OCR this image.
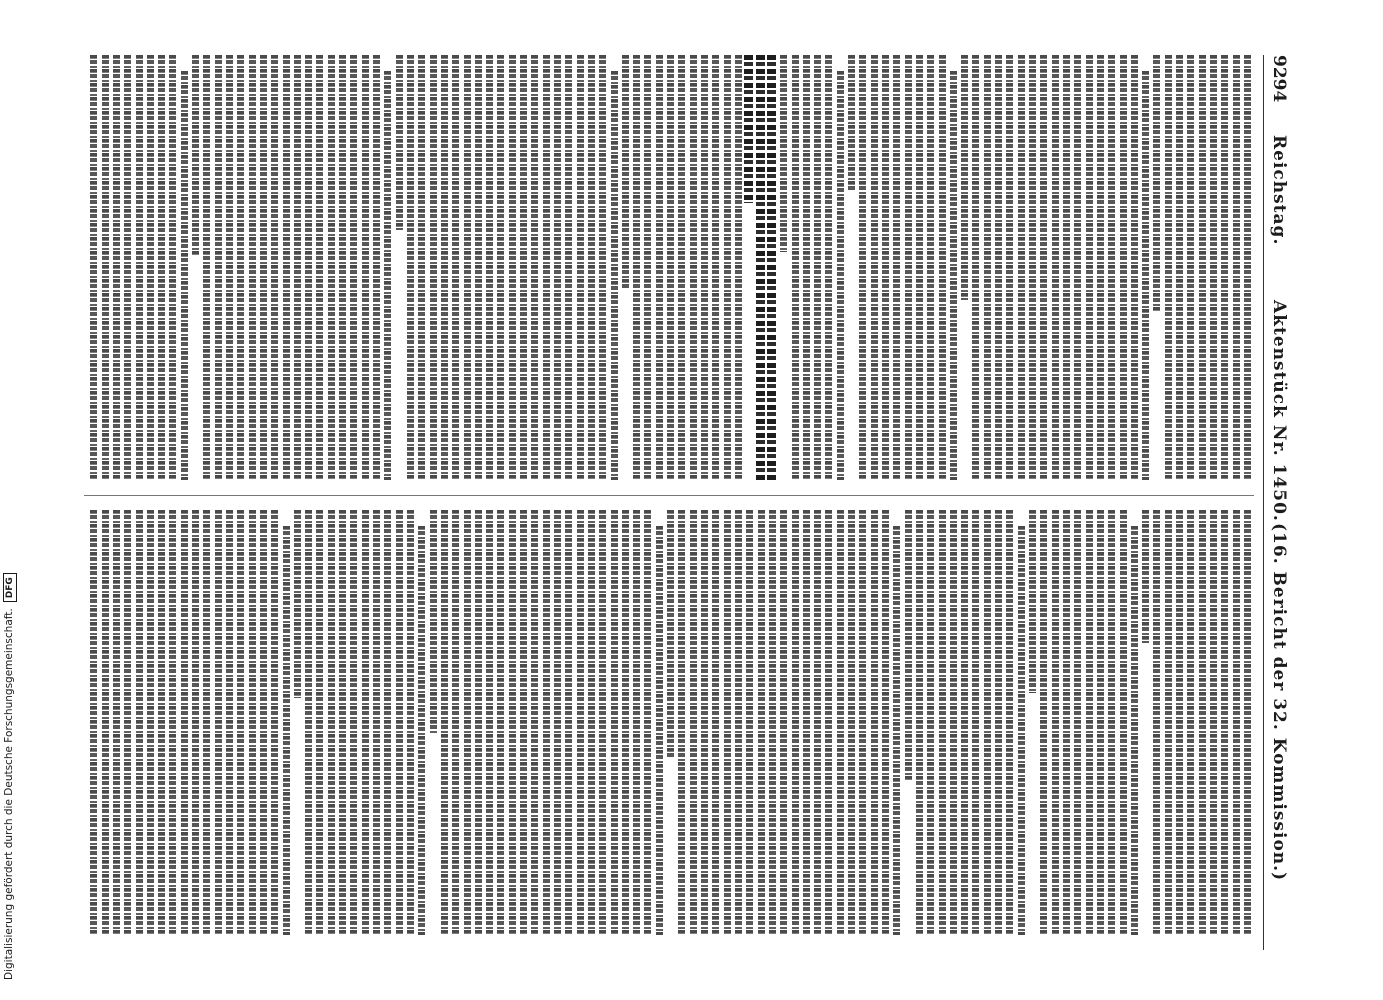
Digitalisierung gefördert durch die Deutsche Forschungsgemeinschaft.DFG
9294
Reichstag.
Aktenstück Nr. 1450.
(16. Bericht der 32. Kommission.)
